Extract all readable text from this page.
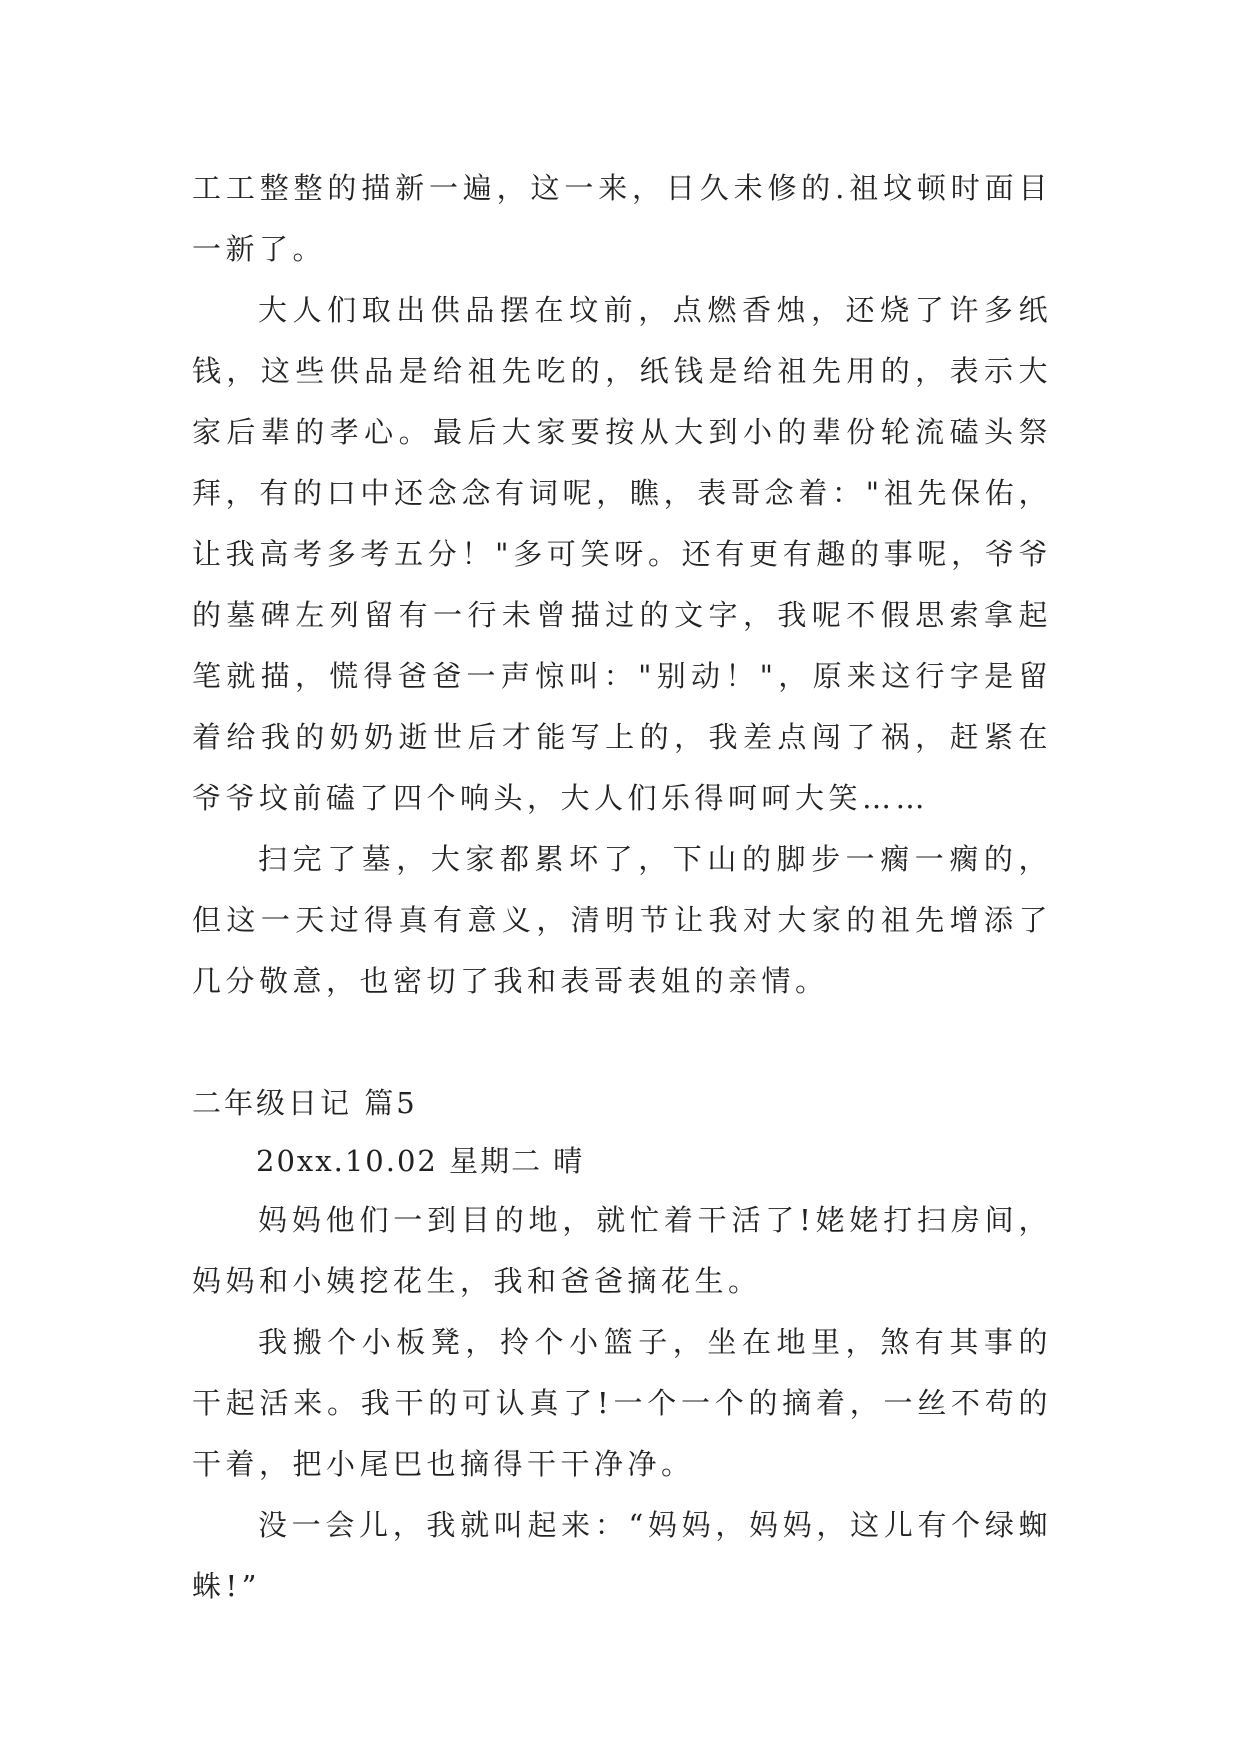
工工整整的描新一遍，这一来，日久未修的.祖坟顿时面目一新了。

大人们取出供品摆在坟前，点燃香烛，还烧了许多纸钱，这些供品是给祖先吃的，纸钱是给祖先用的，表示大家后辈的孝心。最后大家要按从大到小的辈份轮流磕头祭拜，有的口中还念念有词呢，瞧，表哥念着："祖先保佑，让我高考多考五分！"多可笑呀。还有更有趣的事呢，爷爷的墓碑左列留有一行未曾描过的文字，我呢不假思索拿起笔就描，慌得爸爸一声惊叫："别动！"，原来这行字是留着给我的奶奶逝世后才能写上的，我差点闯了祸，赶紧在爷爷坟前磕了四个响头，大人们乐得呵呵大笑……

扫完了墓，大家都累坏了，下山的脚步一瘸一瘸的，但这一天过得真有意义，清明节让我对大家的祖先增添了几分敬意，也密切了我和表哥表姐的亲情。

二年级日记 篇5

20xx.10.02 星期二 晴

妈妈他们一到目的地，就忙着干活了!姥姥打扫房间，妈妈和小姨挖花生，我和爸爸摘花生。

我搬个小板凳，拎个小篮子，坐在地里，煞有其事的干起活来。我干的可认真了!一个一个的摘着，一丝不苟的干着，把小尾巴也摘得干干净净。

没一会儿，我就叫起来：“妈妈，妈妈，这儿有个绿蜘蛛!”
